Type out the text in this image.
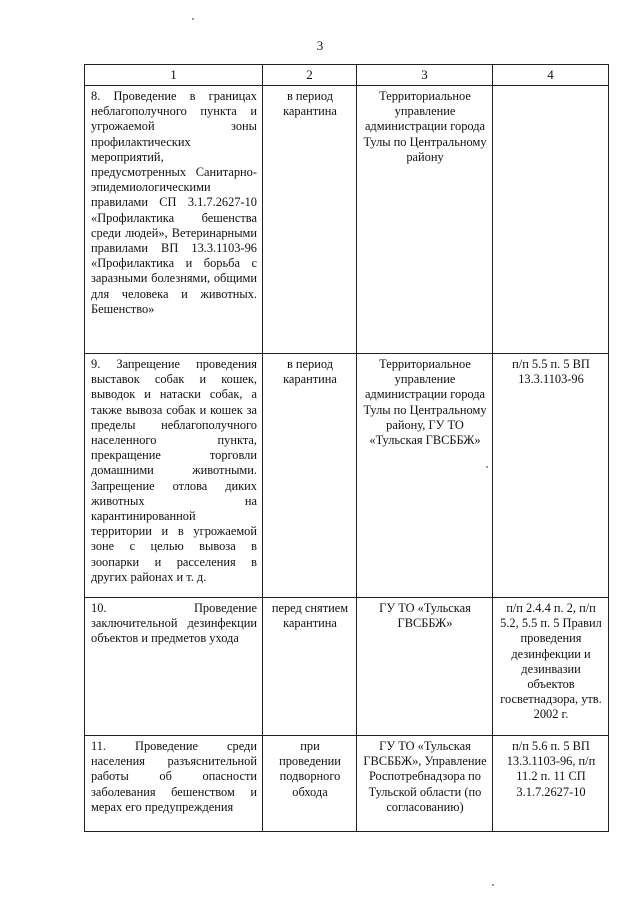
3
1	2	3	4
8. Проведение в границах неблагополучного пункта и угрожаемой зоны профилактических мероприятий, предусмотренных Санитарно-эпидемиологическими правилами СП 3.1.7.2627-10 «Профилактика бешенства среди людей», Ветеринарными правилами ВП 13.3.1103-96 «Профилактика и борьба с заразными болезнями, общими для человека и животных. Бешенство»	в период карантина	Территориальное управление администрации города Тулы по Центральному району	
9. Запрещение проведения выставок собак и кошек, выводок и натаски собак, а также вывоза собак и кошек за пределы неблагополучного населенного пункта, прекращение торговли домашними животными. Запрещение отлова диких животных на карантинированной территории и в угрожаемой зоне с целью вывоза в зоопарки и расселения в других районах и т. д.	в период карантина	Территориальное управление администрации города Тулы по Центральному району, ГУ ТО «Тульская ГВСББЖ»	п/п 5.5 п. 5 ВП 13.3.1103-96
10. Проведение заключительной дезинфекции объектов и предметов ухода	перед снятием карантина	ГУ ТО «Тульская ГВСББЖ»	п/п 2.4.4 п. 2, п/п 5.2, 5.5 п. 5 Правил проведения дезинфекции и дезинвазии объектов госветнадзора, утв. 2002 г.
11. Проведение среди населения разъяснительной работы об опасности заболевания бешенством и мерах его предупреждения	при проведении подворного обхода	ГУ ТО «Тульская ГВСББЖ», Управление Роспотребнадзора по Тульской области (по согласованию)	п/п 5.6 п. 5 ВП 13.3.1103-96, п/п 11.2 п. 11 СП 3.1.7.2627-10
